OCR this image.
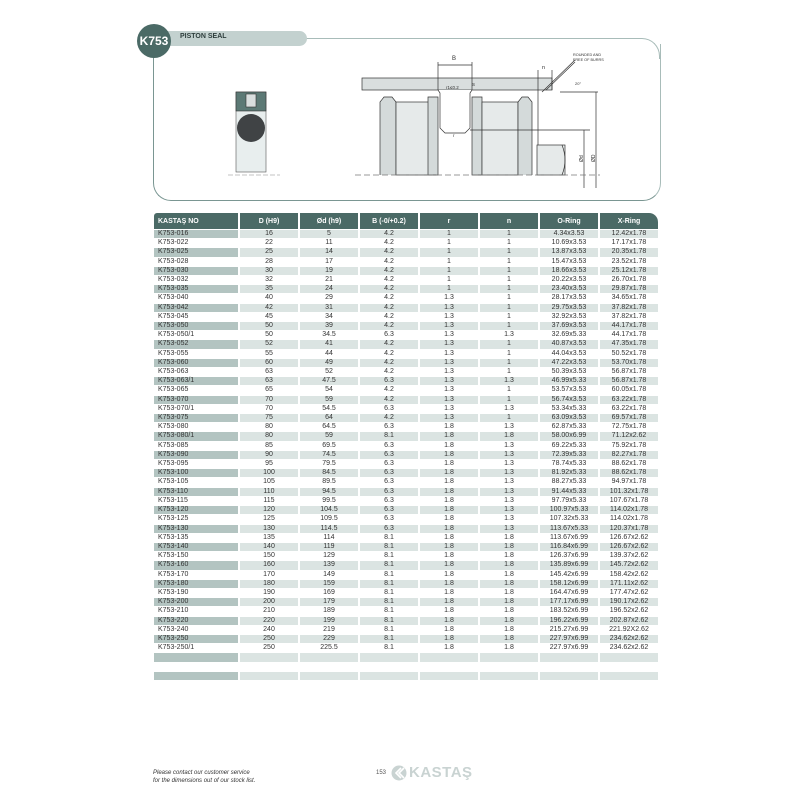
K753	PISTON SEAL
B
r1≤0.2
S
r
n
20°
ROUNDED AND
FREE OF BURRS
Ød ØD
KASTAŞ NO	D (H9)	Ød (h9)	B (-0/+0.2)	r	n	O-Ring	X-Ring
K753-016	16	5	4.2	1	1	4.34x3.53	12.42x1.78
K753-022	22	11	4.2	1	1	10.69x3.53	17.17x1.78
K753-025	25	14	4.2	1	1	13.87x3.53	20.35x1.78
K753-028	28	17	4.2	1	1	15.47x3.53	23.52x1.78
K753-030	30	19	4.2	1	1	18.66x3.53	25.12x1.78
K753-032	32	21	4.2	1	1	20.22x3.53	26.70x1.78
K753-035	35	24	4.2	1	1	23.40x3.53	29.87x1.78
K753-040	40	29	4.2	1.3	1	28.17x3.53	34.65x1.78
K753-042	42	31	4.2	1.3	1	29.75x3.53	37.82x1.78
K753-045	45	34	4.2	1.3	1	32.92x3.53	37.82x1.78
K753-050	50	39	4.2	1.3	1	37.69x3.53	44.17x1.78
K753-050/1	50	34.5	6.3	1.3	1.3	32.69x5.33	44.17x1.78
K753-052	52	41	4.2	1.3	1	40.87x3.53	47.35x1.78
K753-055	55	44	4.2	1.3	1	44.04x3.53	50.52x1.78
K753-060	60	49	4.2	1.3	1	47.22x3.53	53.70x1.78
K753-063	63	52	4.2	1.3	1	50.39x3.53	56.87x1.78
K753-063/1	63	47.5	6.3	1.3	1.3	46.99x5.33	56.87x1.78
K753-065	65	54	4.2	1.3	1	53.57x3.53	60.05x1.78
K753-070	70	59	4.2	1.3	1	56.74x3.53	63.22x1.78
K753-070/1	70	54.5	6.3	1.3	1.3	53.34x5.33	63.22x1.78
K753-075	75	64	4.2	1.3	1	63.09x3.53	69.57x1.78
K753-080	80	64.5	6.3	1.8	1.3	62.87x5.33	72.75x1.78
K753-080/1	80	59	8.1	1.8	1.8	58.00x6.99	71.12x2.62
K753-085	85	69.5	6.3	1.8	1.3	69.22x5.33	75.92x1.78
K753-090	90	74.5	6.3	1.8	1.3	72.39x5.33	82.27x1.78
K753-095	95	79.5	6.3	1.8	1.3	78.74x5.33	88.62x1.78
K753-100	100	84.5	6.3	1.8	1.3	81.92x5.33	88.62x1.78
K753-105	105	89.5	6.3	1.8	1.3	88.27x5.33	94.97x1.78
K753-110	110	94.5	6.3	1.8	1.3	91.44x5.33	101.32x1.78
K753-115	115	99.5	6.3	1.8	1.3	97.79x5.33	107.67x1.78
K753-120	120	104.5	6.3	1.8	1.3	100.97x5.33	114.02x1.78
K753-125	125	109.5	6.3	1.8	1.3	107.32x5.33	114.02x1.78
K753-130	130	114.5	6.3	1.8	1.3	113.67x5.33	120.37x1.78
K753-135	135	114	8.1	1.8	1.8	113.67x6.99	126.67x2.62
K753-140	140	119	8.1	1.8	1.8	116.84x6.99	126.67x2.62
K753-150	150	129	8.1	1.8	1.8	126.37x6.99	139.37x2.62
K753-160	160	139	8.1	1.8	1.8	135.89x6.99	145.72x2.62
K753-170	170	149	8.1	1.8	1.8	145.42x6.99	158.42x2.62
K753-180	180	159	8.1	1.8	1.8	158.12x6.99	171.11x2.62
K753-190	190	169	8.1	1.8	1.8	164.47x6.99	177.47x2.62
K753-200	200	179	8.1	1.8	1.8	177.17x6.99	190.17x2.62
K753-210	210	189	8.1	1.8	1.8	183.52x6.99	196.52x2.62
K753-220	220	199	8.1	1.8	1.8	196.22x6.99	202.87x2.62
K753-240	240	219	8.1	1.8	1.8	215.27x6.99	221.92X2.62
K753-250	250	229	8.1	1.8	1.8	227.97x6.99	234.62x2.62
K753-250/1	250	225.5	8.1	1.8	1.8	227.97x6.99	234.62x2.62

Please contact our customer service
for the dimensions out of our stock list.
153 KASTAŞ
